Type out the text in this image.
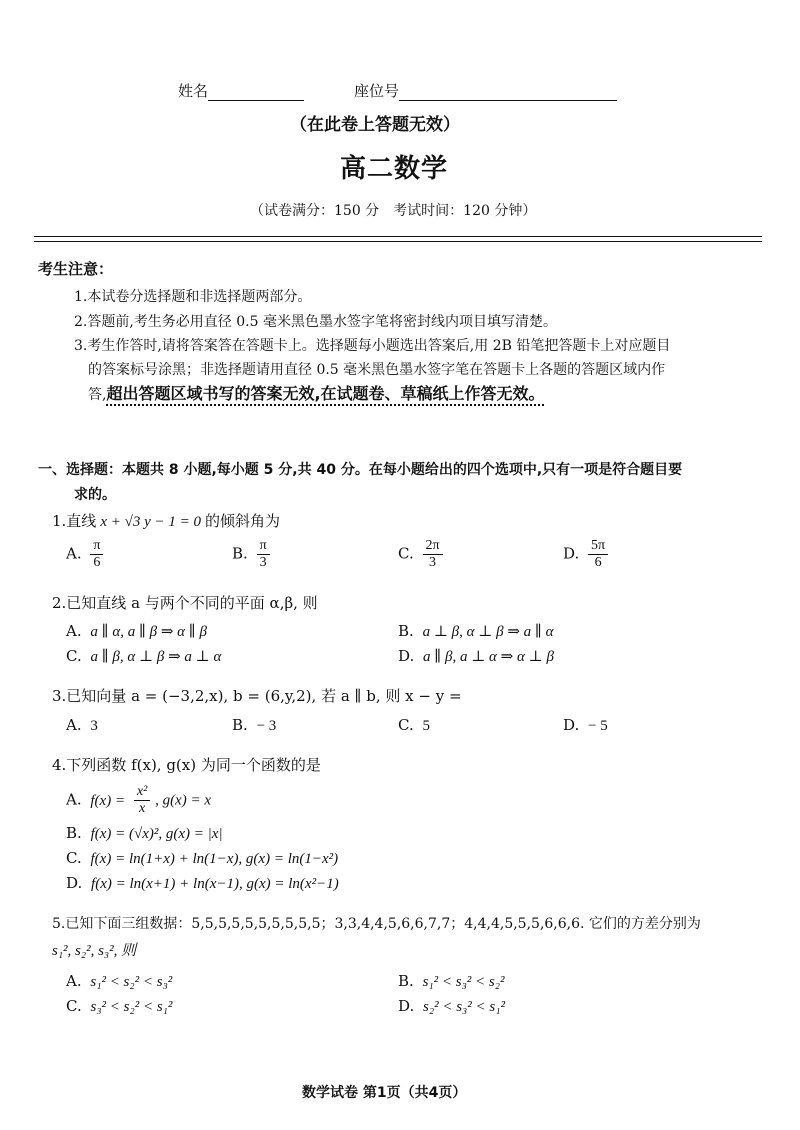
姓名	座位号
（在此卷上答题无效）
高二数学
（试卷满分：150 分　考试时间：120 分钟）
考生注意：
1.本试卷分选择题和非选择题两部分。
2.答题前,考生务必用直径 0.5 毫米黑色墨水签字笔将密封线内项目填写清楚。
3.考生作答时,请将答案答在答题卡上。选择题每小题选出答案后,用 2B 铅笔把答题卡上对应题目
的答案标号涂黑；非选择题请用直径 0.5 毫米黑色墨水签字笔在答题卡上各题的答题区域内作
答,超出答题区域书写的答案无效,在试题卷、草稿纸上作答无效。
一、选择题：本题共 8 小题,每小题 5 分,共 40 分。在每小题给出的四个选项中,只有一项是符合题目要
求的。
1.直线 x + √3 y − 1 = 0 的倾斜角为
A. $\frac{\pi}{6}$	B. $\frac{\pi}{3}$	C. $\frac{2\pi}{3}$	D. $\frac{5\pi}{6}$
2.已知直线 a 与两个不同的平面 α,β, 则
A. a ∥ α, a ∥ β ⇒ α ∥ β	B. a ⊥ β, α ⊥ β ⇒ a ∥ α
C. a ∥ β, α ⊥ β ⇒ a ⊥ α	D. a ∥ β, a ⊥ α ⇒ α ⊥ β
3.已知向量 a = (−3,2,x), b = (6,y,2), 若 a ∥ b, 则 x − y =
A. 3	B. − 3	C. 5	D. − 5
4.下列函数 f(x), g(x) 为同一个函数的是
A. $f(x) = \frac{\text{x²}}{x}$ , g(x) = x
B. f(x) = (√x)², g(x) = |x|
C. f(x) = ln(1+x) + ln(1−x), g(x) = ln(1−x²)
D. f(x) = ln(x+1) + ln(x−1), g(x) = ln(x²−1)
5.已知下面三组数据：5,5,5,5,5,5,5,5,5,5；3,3,4,4,5,6,6,7,7；4,4,4,5,5,5,6,6,6. 它们的方差分别为
s₁², s₂², s₃², 则
A. s₁² < s₂² < s₃²	B. s₁² < s₃² < s₂²
C. s₃² < s₂² < s₁²	D. s₂² < s₃² < s₁²
数学试卷 第1页（共4页）
